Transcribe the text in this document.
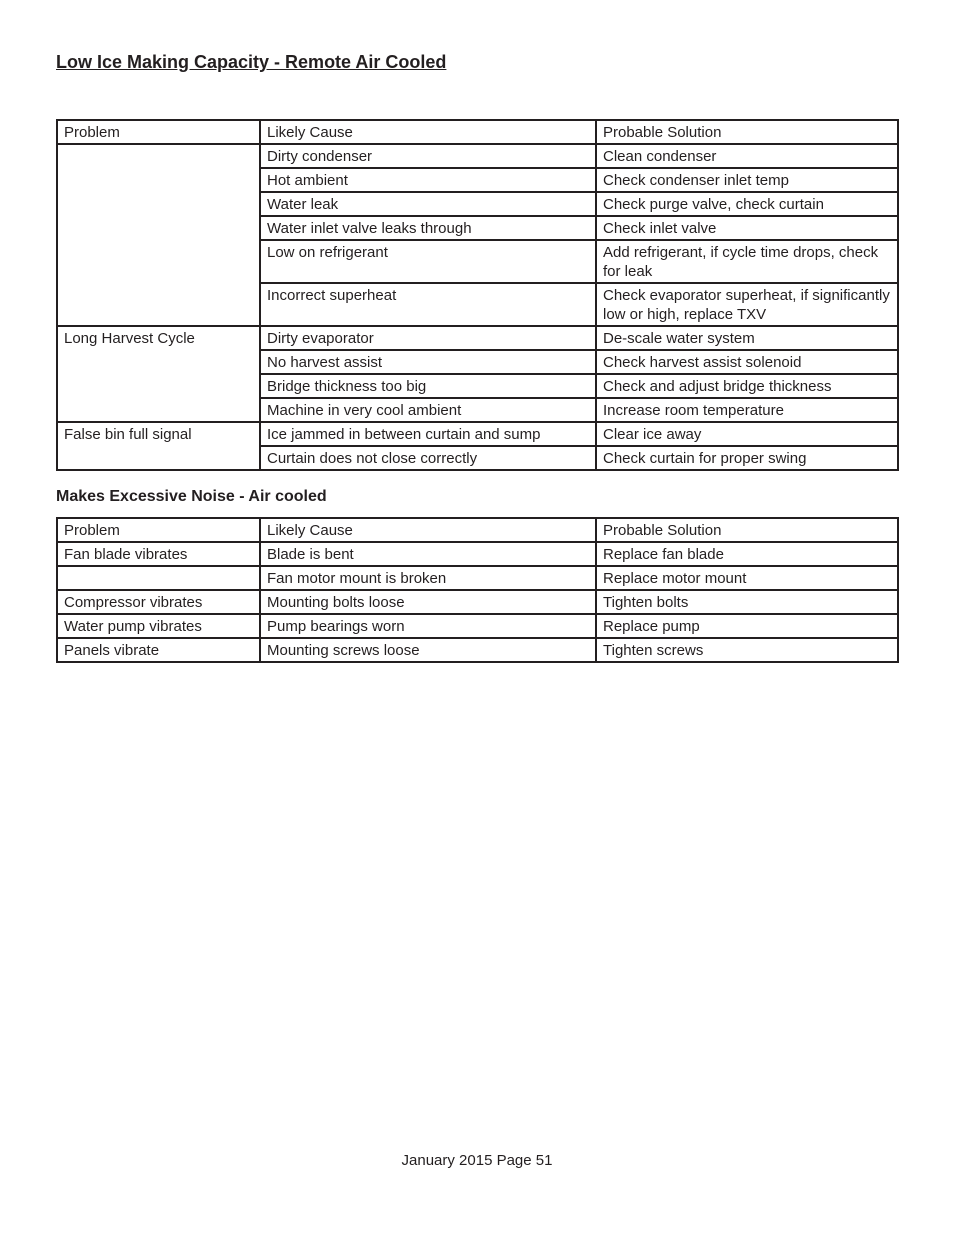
Low Ice Making Capacity - Remote Air Cooled
Problem	Likely Cause	Probable Solution
	Dirty condenser	Clean condenser
	Hot ambient	Check condenser inlet temp
	Water leak	Check purge valve, check curtain
	Water inlet valve leaks through	Check inlet valve
	Low on refrigerant	Add refrigerant, if cycle time drops, check for leak
	Incorrect superheat	Check evaporator superheat, if significantly low or high, replace TXV
Long Harvest Cycle	Dirty evaporator	De-scale water system
	No harvest assist	Check harvest assist solenoid
	Bridge thickness too big	Check and adjust bridge thickness
	Machine in very cool ambient	Increase room temperature
False bin full signal	Ice jammed in between curtain and sump	Clear ice away
	Curtain does not close correctly	Check curtain for proper swing
Makes Excessive Noise - Air cooled
Problem	Likely Cause	Probable Solution
Fan blade vibrates	Blade is bent	Replace fan blade
	Fan motor mount is broken	Replace motor mount
Compressor vibrates	Mounting bolts loose	Tighten bolts
Water pump vibrates	Pump bearings worn	Replace pump
Panels vibrate	Mounting screws loose	Tighten screws
January 2015 Page 51
